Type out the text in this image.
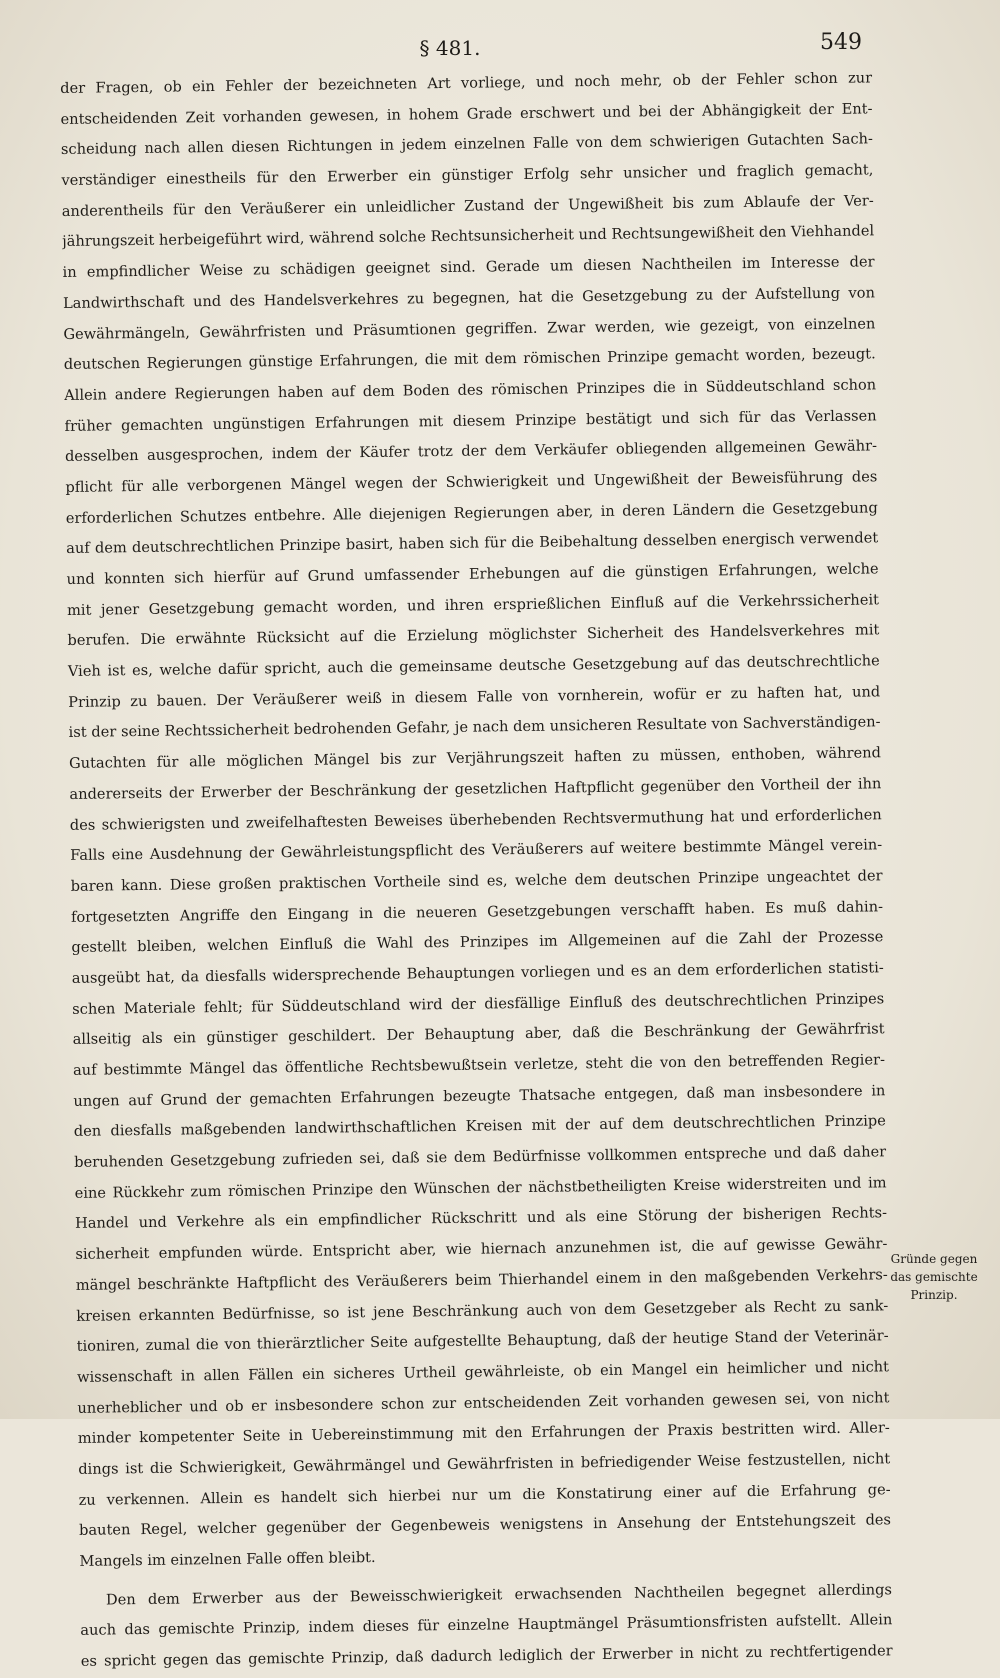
§ 481.	549
der Fragen, ob ein Fehler der bezeichneten Art vorliege, und noch mehr, ob der Fehler schon zur
entscheidenden Zeit vorhanden gewesen, in hohem Grade erschwert und bei der Abhängigkeit der Ent-
scheidung nach allen diesen Richtungen in jedem einzelnen Falle von dem schwierigen Gutachten Sach-
verständiger einestheils für den Erwerber ein günstiger Erfolg sehr unsicher und fraglich gemacht,
anderentheils für den Veräußerer ein unleidlicher Zustand der Ungewißheit bis zum Ablaufe der Ver-
jährungszeit herbeigeführt wird, während solche Rechtsunsicherheit und Rechtsungewißheit den Viehhandel
in empfindlicher Weise zu schädigen geeignet sind. Gerade um diesen Nachtheilen im Interesse der
Landwirthschaft und des Handelsverkehres zu begegnen, hat die Gesetzgebung zu der Aufstellung von
Gewährmängeln, Gewährfristen und Präsumtionen gegriffen. Zwar werden, wie gezeigt, von einzelnen
deutschen Regierungen günstige Erfahrungen, die mit dem römischen Prinzipe gemacht worden, bezeugt.
Allein andere Regierungen haben auf dem Boden des römischen Prinzipes die in Süddeutschland schon
früher gemachten ungünstigen Erfahrungen mit diesem Prinzipe bestätigt und sich für das Verlassen
desselben ausgesprochen, indem der Käufer trotz der dem Verkäufer obliegenden allgemeinen Gewähr-
pflicht für alle verborgenen Mängel wegen der Schwierigkeit und Ungewißheit der Beweisführung des
erforderlichen Schutzes entbehre. Alle diejenigen Regierungen aber, in deren Ländern die Gesetzgebung
auf dem deutschrechtlichen Prinzipe basirt, haben sich für die Beibehaltung desselben energisch verwendet
und konnten sich hierfür auf Grund umfassender Erhebungen auf die günstigen Erfahrungen, welche
mit jener Gesetzgebung gemacht worden, und ihren ersprießlichen Einfluß auf die Verkehrssicherheit
berufen. Die erwähnte Rücksicht auf die Erzielung möglichster Sicherheit des Handelsverkehres mit
Vieh ist es, welche dafür spricht, auch die gemeinsame deutsche Gesetzgebung auf das deutschrechtliche
Prinzip zu bauen. Der Veräußerer weiß in diesem Falle von vornherein, wofür er zu haften hat, und
ist der seine Rechtssicherheit bedrohenden Gefahr, je nach dem unsicheren Resultate von Sachverständigen-
Gutachten für alle möglichen Mängel bis zur Verjährungszeit haften zu müssen, enthoben, während
andererseits der Erwerber der Beschränkung der gesetzlichen Haftpflicht gegenüber den Vortheil der ihn
des schwierigsten und zweifelhaftesten Beweises überhebenden Rechtsvermuthung hat und erforderlichen
Falls eine Ausdehnung der Gewährleistungspflicht des Veräußerers auf weitere bestimmte Mängel verein-
baren kann. Diese großen praktischen Vortheile sind es, welche dem deutschen Prinzipe ungeachtet der
fortgesetzten Angriffe den Eingang in die neueren Gesetzgebungen verschafft haben. Es muß dahin-
gestellt bleiben, welchen Einfluß die Wahl des Prinzipes im Allgemeinen auf die Zahl der Prozesse
ausgeübt hat, da diesfalls widersprechende Behauptungen vorliegen und es an dem erforderlichen statisti-
schen Materiale fehlt; für Süddeutschland wird der diesfällige Einfluß des deutschrechtlichen Prinzipes
allseitig als ein günstiger geschildert. Der Behauptung aber, daß die Beschränkung der Gewährfrist
auf bestimmte Mängel das öffentliche Rechtsbewußtsein verletze, steht die von den betreffenden Regier-
ungen auf Grund der gemachten Erfahrungen bezeugte Thatsache entgegen, daß man insbesondere in
den diesfalls maßgebenden landwirthschaftlichen Kreisen mit der auf dem deutschrechtlichen Prinzipe
beruhenden Gesetzgebung zufrieden sei, daß sie dem Bedürfnisse vollkommen entspreche und daß daher
eine Rückkehr zum römischen Prinzipe den Wünschen der nächstbetheiligten Kreise widerstreiten und im
Handel und Verkehre als ein empfindlicher Rückschritt und als eine Störung der bisherigen Rechts-
sicherheit empfunden würde. Entspricht aber, wie hiernach anzunehmen ist, die auf gewisse Gewähr-
mängel beschränkte Haftpflicht des Veräußerers beim Thierhandel einem in den maßgebenden Verkehrs-
kreisen erkannten Bedürfnisse, so ist jene Beschränkung auch von dem Gesetzgeber als Recht zu sank-
tioniren, zumal die von thierärztlicher Seite aufgestellte Behauptung, daß der heutige Stand der Veterinär-
wissenschaft in allen Fällen ein sicheres Urtheil gewährleiste, ob ein Mangel ein heimlicher und nicht
unerheblicher und ob er insbesondere schon zur entscheidenden Zeit vorhanden gewesen sei, von nicht
minder kompetenter Seite in Uebereinstimmung mit den Erfahrungen der Praxis bestritten wird. Aller-
dings ist die Schwierigkeit, Gewährmängel und Gewährfristen in befriedigender Weise festzustellen, nicht
zu verkennen. Allein es handelt sich hierbei nur um die Konstatirung einer auf die Erfahrung ge-
bauten Regel, welcher gegenüber der Gegenbeweis wenigstens in Ansehung der Entstehungszeit des
Mangels im einzelnen Falle offen bleibt.
Den dem Erwerber aus der Beweisschwierigkeit erwachsenden Nachtheilen begegnet allerdings
auch das gemischte Prinzip, indem dieses für einzelne Hauptmängel Präsumtionsfristen aufstellt. Allein
es spricht gegen das gemischte Prinzip, daß dadurch lediglich der Erwerber in nicht zu rechtfertigender
Gründe gegen
das gemischte
Prinzip.
